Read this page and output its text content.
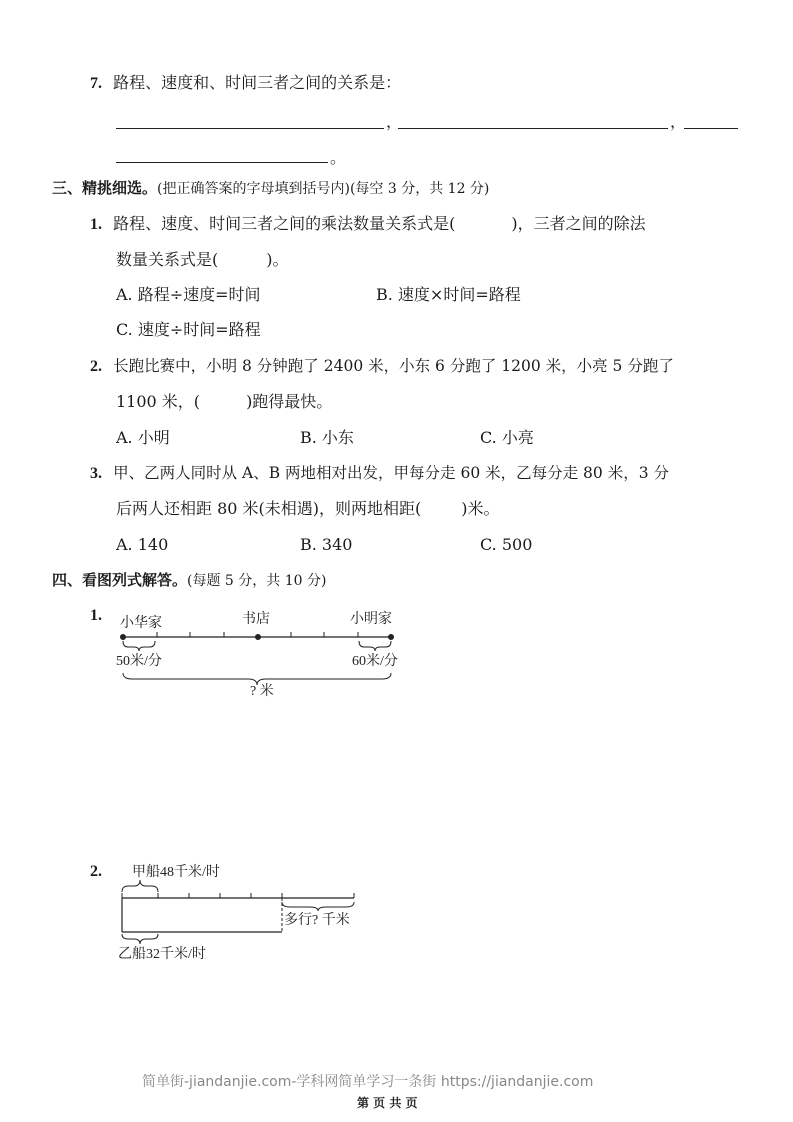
7. 路程、速度和、时间三者之间的关系是：
，	，
。
三、精挑细选。(把正确答案的字母填到括号内)(每空 3 分，共 12 分)
1. 路程、速度、时间三者之间的乘法数量关系式是(	)，三者之间的除法
数量关系式是(	)。
A. 路程÷速度=时间	B. 速度×时间=路程
C. 速度÷时间=路程
2. 长跑比赛中，小明 8 分钟跑了 2400 米，小东 6 分跑了 1200 米，小亮 5 分跑了
1100 米，(	)跑得最快。
A. 小明	B. 小东	C. 小亮
3. 甲、乙两人同时从 A、B 两地相对出发，甲每分走 60 米，乙每分走 80 米，3 分
后两人还相距 80 米(未相遇)，则两地相距(	)米。
A. 140	B. 340	C. 500
四、看图列式解答。(每题 5 分，共 10 分)
1. 小华家	书店	小明家
50米/分	60米/分
? 米
2. 甲船48千米/时
多行? 千米
乙船32千米/时
简单街-jiandanjie.com-学科网简单学习一条街 https://jiandanjie.com
第 页 共 页
